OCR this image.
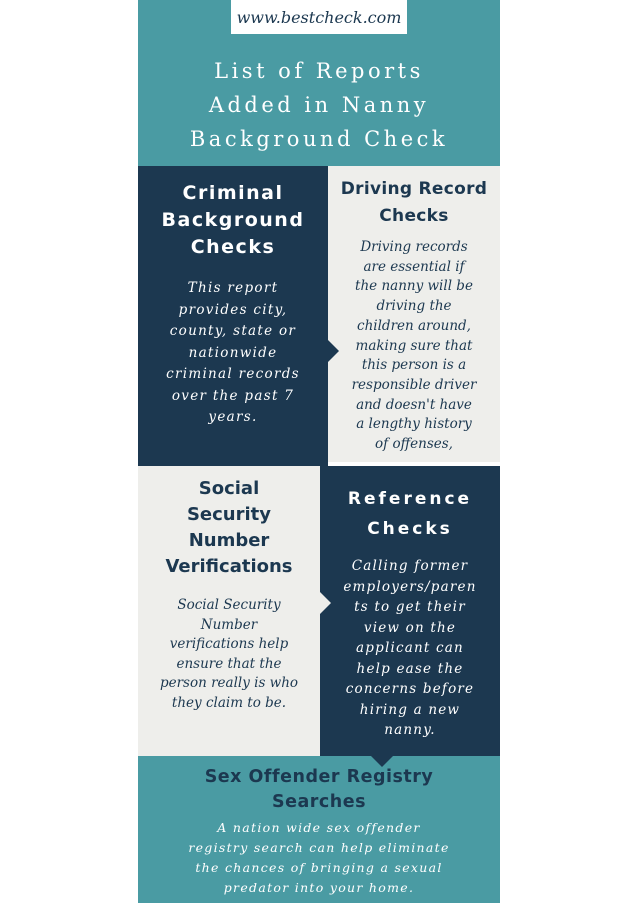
List of Reports
Added in Nanny
Background Check
www.bestcheck.com
Criminal
Background
Checks
This report
provides city,
county, state or
nationwide
criminal records
over the past 7
years.
Driving Record
Checks
Driving records
are essential if
the nanny will be
driving the
children around,
making sure that
this person is a
responsible driver
and doesn't have
a lengthy history
of offenses,
Social
Security
Number
Verifications
Social Security
Number
verifications help
ensure that the
person really is who
they claim to be.
Reference
Checks
Calling former
employers/paren
ts to get their
view on the
applicant can
help ease the
concerns before
hiring a new
nanny.
Sex Offender Registry
Searches
A nation wide sex offender
registry search can help eliminate
the chances of bringing a sexual
predator into your home.
